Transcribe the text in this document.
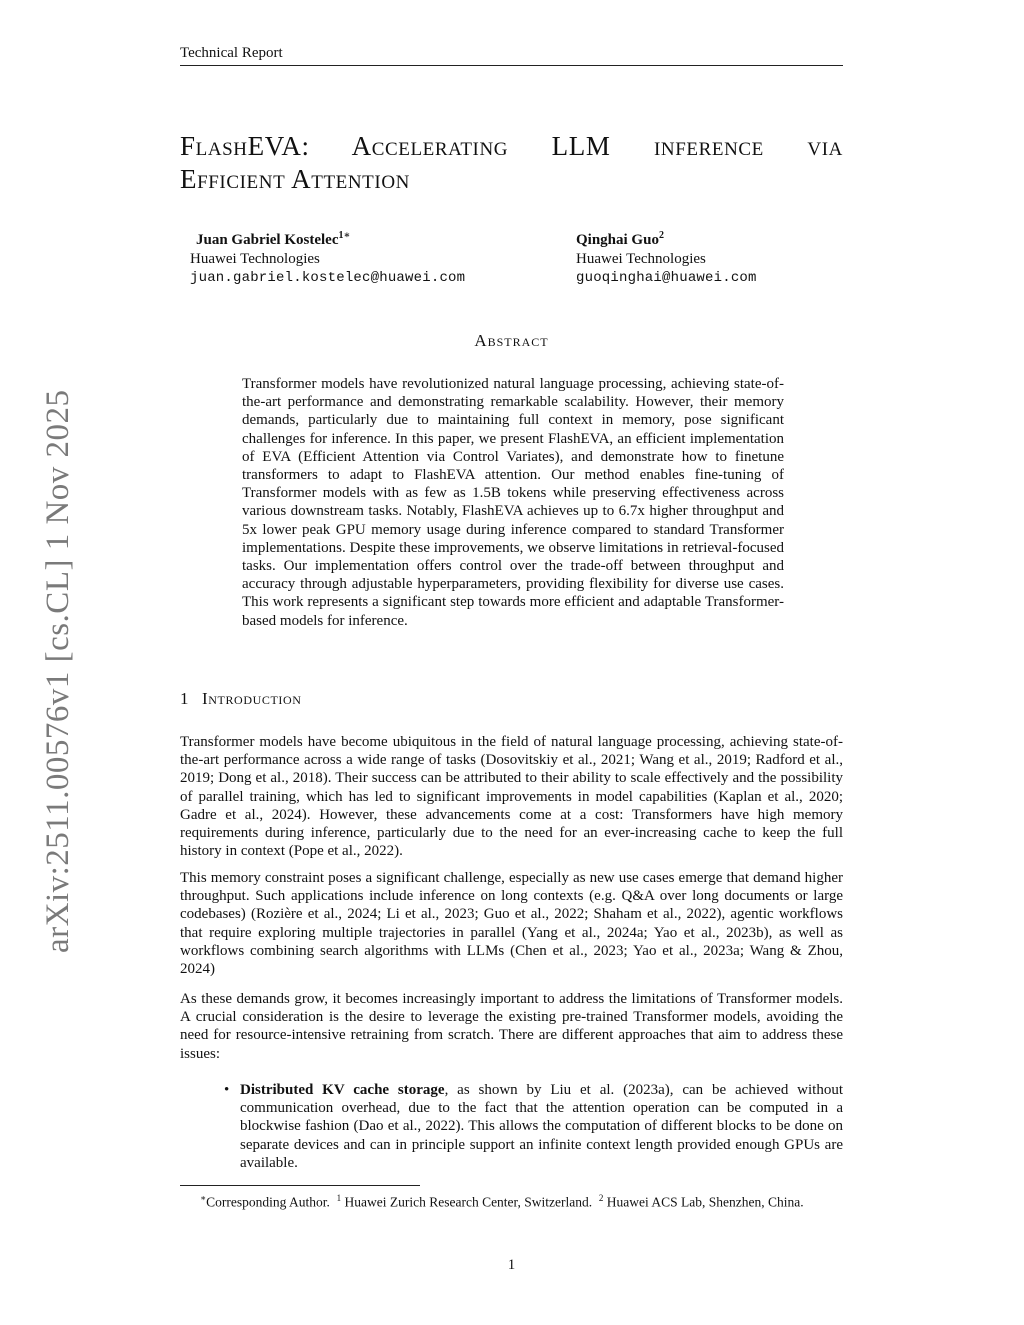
Technical Report
FlashEVA: Accelerating LLM inference via
Efficient Attention
Juan Gabriel Kostelec$^{1∗}$
Huawei Technologies
juan.gabriel.kostelec@huawei.com
Qinghai Guo$^2$
Huawei Technologies
guoqinghai@huawei.com
Abstract
Transformer models have revolutionized natural language processing, achieving state-of-the-art performance and demonstrating remarkable scalability. However, their memory demands, particularly due to maintaining full context in memory, pose significant challenges for inference. In this paper, we present FlashEVA, an efficient implementation of EVA (Efficient Attention via Control Variates), and demonstrate how to finetune transformers to adapt to FlashEVA attention. Our method enables fine-tuning of Transformer models with as few as 1.5B tokens while preserving effectiveness across various downstream tasks. Notably, FlashEVA achieves up to 6.7x higher throughput and 5x lower peak GPU memory usage during inference compared to standard Transformer implementations. Despite these improvements, we observe limitations in retrieval-focused tasks. Our implementation offers control over the trade-off between throughput and accuracy through adjustable hyperparameters, providing flexibility for diverse use cases. This work represents a significant step towards more efficient and adaptable Transformer-based models for inference.
1 Introduction
Transformer models have become ubiquitous in the field of natural language processing, achieving state-of-the-art performance across a wide range of tasks (Dosovitskiy et al., 2021; Wang et al., 2019; Radford et al., 2019; Dong et al., 2018). Their success can be attributed to their ability to scale effectively and the possibility of parallel training, which has led to significant improvements in model capabilities (Kaplan et al., 2020; Gadre et al., 2024). However, these advancements come at a cost: Transformers have high memory requirements during inference, particularly due to the need for an ever-increasing cache to keep the full history in context (Pope et al., 2022).
This memory constraint poses a significant challenge, especially as new use cases emerge that demand higher throughput. Such applications include inference on long contexts (e.g. Q&A over long documents or large codebases) (Rozière et al., 2024; Li et al., 2023; Guo et al., 2022; Shaham et al., 2022), agentic workflows that require exploring multiple trajectories in parallel (Yang et al., 2024a; Yao et al., 2023b), as well as workflows combining search algorithms with LLMs (Chen et al., 2023; Yao et al., 2023a; Wang & Zhou, 2024)
As these demands grow, it becomes increasingly important to address the limitations of Transformer models. A crucial consideration is the desire to leverage the existing pre-trained Transformer models, avoiding the need for resource-intensive retraining from scratch. There are different approaches that aim to address these issues:
• Distributed KV cache storage, as shown by Liu et al. (2023a), can be achieved without communication overhead, due to the fact that the attention operation can be computed in a blockwise fashion (Dao et al., 2022). This allows the computation of different blocks to be done on separate devices and can in principle support an infinite context length provided enough GPUs are available.
∗Corresponding Author. $^1$ Huawei Zurich Research Center, Switzerland. $^2$ Huawei ACS Lab, Shenzhen, China.
1
arXiv:2511.00576v1 [cs.CL] 1 Nov 2025
